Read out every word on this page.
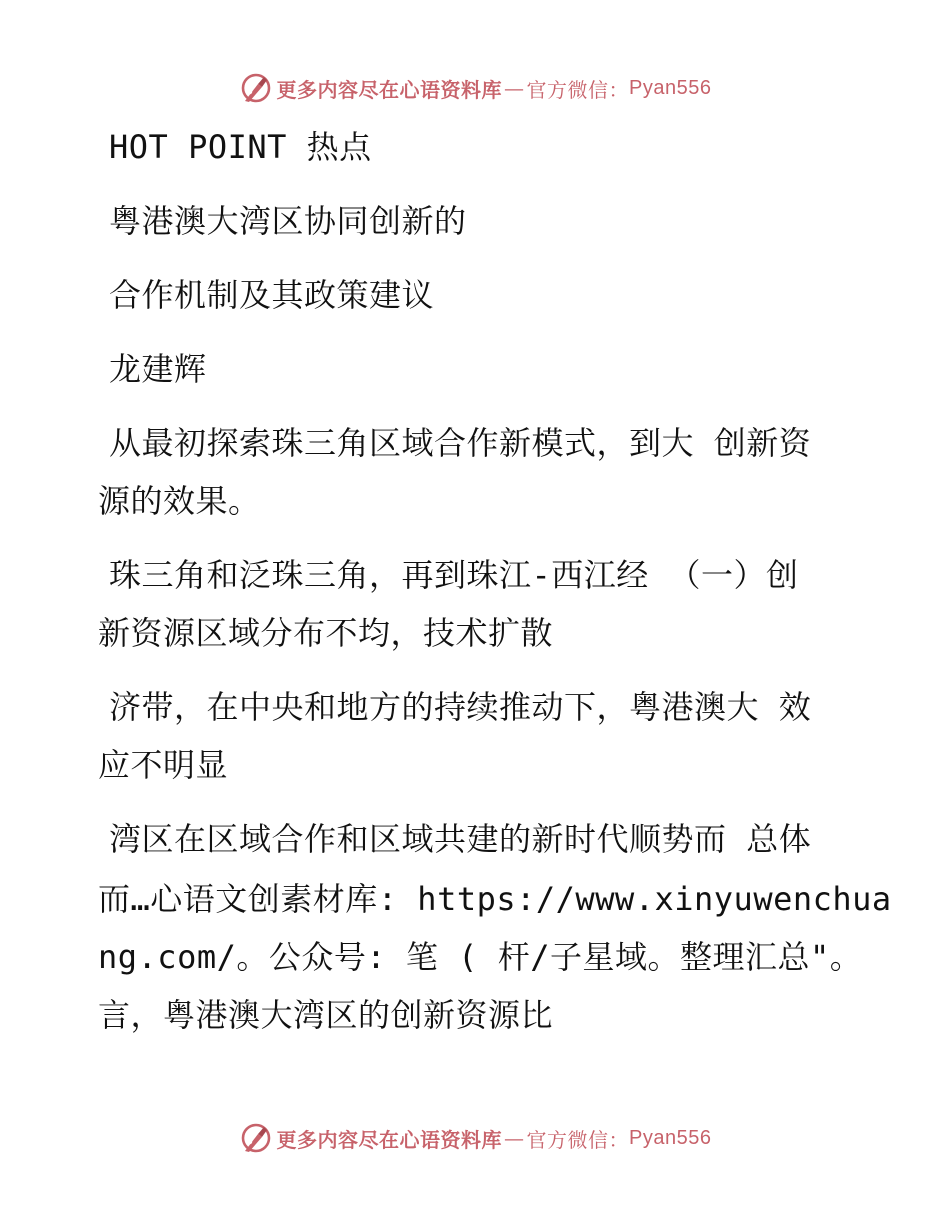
更多内容尽在心语资料库 — 官方微信： Pyan556
HOT POINT 热点
粤港澳大湾区协同创新的
合作机制及其政策建议
龙建辉
从最初探索珠三角区域合作新模式，到大 创新资
源的效果。
珠三角和泛珠三角，再到珠江-西江经 （一）创
新资源区域分布不均，技术扩散
济带，在中央和地方的持续推动下，粤港澳大 效
应不明显
湾区在区域合作和区域共建的新时代顺势而 总体
而…心语文创素材库: https://www.xinyuwenchua
ng.com/。公众号: 笔 ( 杆/子星域。整理汇总"。
言，粤港澳大湾区的创新资源比
更多内容尽在心语资料库 — 官方微信： Pyan556
